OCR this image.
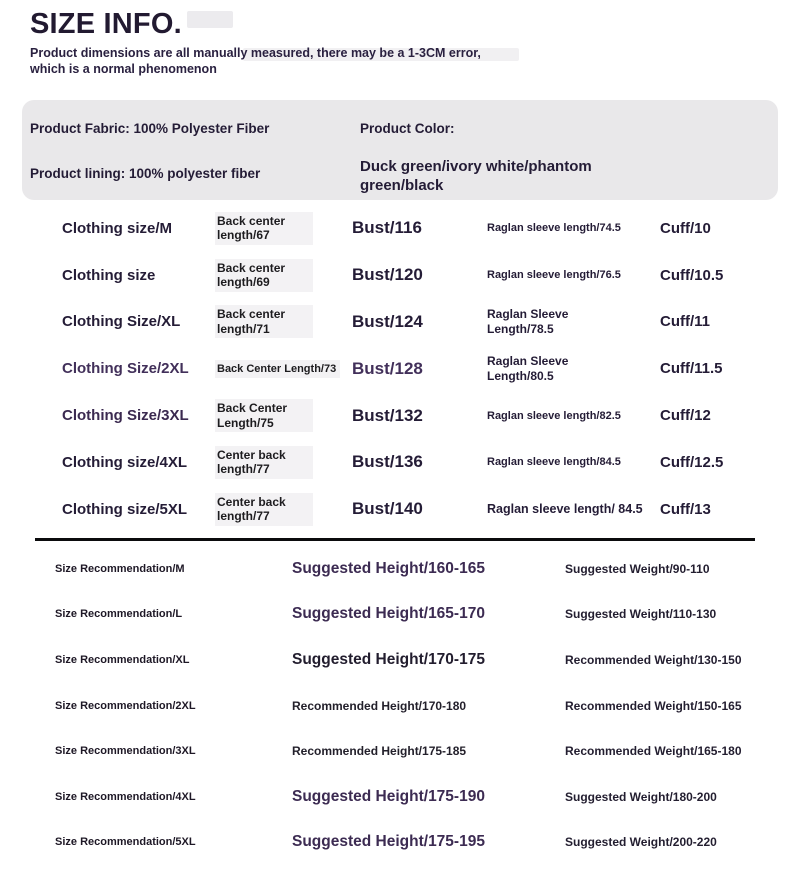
SIZE INFO.
Product dimensions are all manually measured, there may be a 1-3CM error,
which is a normal phenomenon
Product Fabric: 100% Polyester Fiber
Product lining: 100% polyester fiber
Product Color:
Duck green/ivory white/phantom green/black
Clothing size/M	Back center length/67	Bust/116	Raglan sleeve length/74.5	Cuff/10
Clothing size	Back center length/69	Bust/120	Raglan sleeve length/76.5	Cuff/10.5
Clothing Size/XL	Back center length/71	Bust/124	Raglan Sleeve Length/78.5	Cuff/11
Clothing Size/2XL	Back Center Length/73 Bust/128	Raglan Sleeve Length/80.5	Cuff/11.5
Clothing Size/3XL	Back Center Length/75	Bust/132	Raglan sleeve length/82.5	Cuff/12
Clothing size/4XL	Center back length/77	Bust/136	Raglan sleeve length/84.5	Cuff/12.5
Clothing size/5XL	Center back length/77	Bust/140	Raglan sleeve length/ 84.5	Cuff/13
Size Recommendation/M	Suggested Height/160-165	Suggested Weight/90-110
Size Recommendation/L	Suggested Height/165-170	Suggested Weight/110-130
Size Recommendation/XL	Suggested Height/170-175	Recommended Weight/130-150
Size Recommendation/2XL	Recommended Height/170-180	Recommended Weight/150-165
Size Recommendation/3XL	Recommended Height/175-185	Recommended Weight/165-180
Size Recommendation/4XL	Suggested Height/175-190	Suggested Weight/180-200
Size Recommendation/5XL	Suggested Height/175-195	Suggested Weight/200-220
